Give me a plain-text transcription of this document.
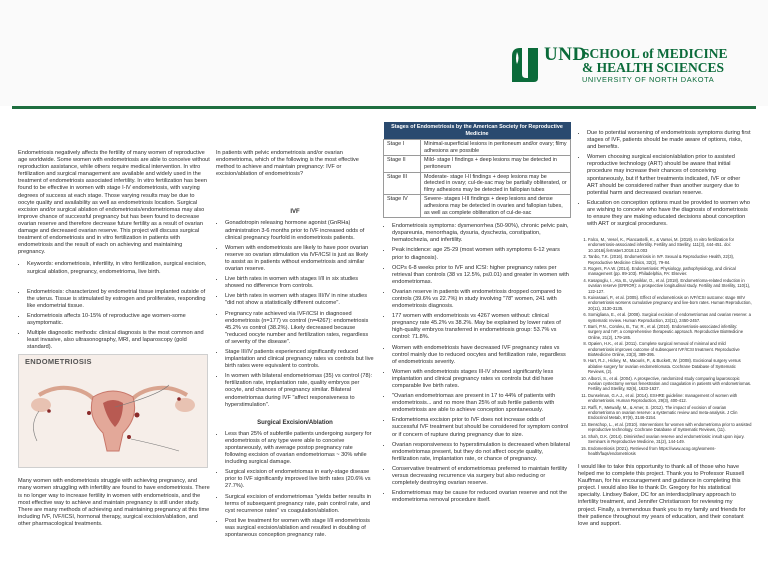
UND
SCHOOL of MEDICINE
& HEALTH SCIENCES
UNIVERSITY OF NORTH DAKOTA

Endometriosis negatively affects the fertility of many women of reproductive age worldwide. Some women with endometriosis are able to conceive without reproduction assistance, while others require medical intervention. In vitro fertilization and surgical management are available and widely used in the treatment of endometriosis associated infertility. In vitro fertilization has been found to be effective in women with stage I-IV endometriosis, with varying degrees of success at each stage. Those varying results may be due to oocyte quality and availability as well as endometriosis location. Surgical excision and/or surgical ablation of endometriosis/endometriomas may also improve chance of successful pregnancy but has been found to decrease ovarian reserve and therefore decrease future fertility as a result of ovarian damage and decreased ovarian reserve. This project will discuss surgical treatment of endometriosis and in vitro fertilization in patients with endometriosis and the result of each on achieving and maintaining pregnancy.

• Keywords: endometriosis, infertility, in vitro fertilization, surgical excision, surgical ablation, pregnancy, endometrioma, live birth.
• Endometriosis: characterized by endometrial tissue implanted outside of the uterus. Tissue is stimulated by estrogen and proliferates, responding like endometrial tissue.
• Endometriosis affects 10-15% of reproductive age women-some asymptomatic.
• Multiple diagnostic methods: clinical diagnosis is the most common and least invasive, also ultrasonography, MRI, and laparoscopy (gold standard).
ENDOMETRIOSIS

Many women with endometriosis struggle with achieving pregnancy, and many women struggling with infertility are found to have endometriosis. There is no longer way to increase fertility in women with endometriosis, and the most effective way to achieve and maintain pregnancy is still under study. There are many methods of achieving and maintaining pregnancy at this time including IVF, IVF/ICSI, hormonal therapy, surgical excision/ablation, and other pharmacological treatments.

In patients with pelvic endometriosis and/or ovarian endometrioma, which of the following is the most effective method to achieve and maintain pregnancy: IVF or excision/ablation of endometriosis?

IVF
• Gonadotropin releasing hormone agonist (GnRHa) administration 3-6 months prior to IVF increased odds of clinical pregnancy fourfold in endometriosis patients.
• Women with endometriosis are likely to have poor ovarian reserve so ovarian stimulation via IVF/ICSI is just as likely to assist as in patients without endometriosis and similar ovarian reserve.
• Live birth rates in women with stages I/II in six studies showed no difference from controls.
• Live birth rates in women with stages III/IV in nine studies "did not show a statistically different outcome".
• Pregnancy rate achieved via IVF/ICSI in diagnosed endometriosis (n=177) vs control (n=4267): endometriosis 45.2% vs control (38.2%). Likely decreased because "reduced oocyte number and fertilization rates, regardless of severity of the disease".
• Stage III/IV patients experienced significantly reduced implantation and clinical pregnancy rates vs controls but live birth rates were equivalent to controls.
• In women with bilateral endometriomas (35) vs control (78): fertilization rate, implantation rate, quality embryos per oocyte, and chances of pregnancy similar. Bilateral endometriomas during IVF "affect responsiveness to hyperstimulation".
Surgical Excision/Ablation
• Less than 25% of subfertile patients undergoing surgery for endometriosis of any type were able to conceive spontaneously, with average postop pregnancy rate following excision of ovarian endometriomas ~ 30% while including surgical damage.
• Surgical excision of endometriomas in early-stage disease prior to IVF significantly improved live birth rates (20.6% vs 27.7%).
• Surgical excision of endometriomas "yields better results in terms of subsequent pregnancy rate, pain control rate, and cyst recurrence rates" vs coagulation/ablation.
• Post live treatment for women with stage I/II endometriosis was surgical excision/ablation and resulted in doubling of spontaneous conception pregnancy rate.
Stages of Endometriosis by the American Society for Reproductive Medicine	
Stage I	Minimal-superficial lesions in peritoneum and/or ovary; filmy adhesions are possible
Stage II	Mild- stage I findings + deep lesions may be detected in peritoneum
Stage III	Moderate- stage I-II findings + deep lesions may be detected in ovary; cul-de-sac may be partially obliterated, or filmy adhesions may be detected in fallopian tubes
Stage IV	Severe- stages I-III findings + deep lesions and dense adhesions may be detected in ovaries and fallopian tubes, as well as complete obliteration of cul-de-sac
• Endometriosis symptoms: dysmenorrhea (50-90%), chronic pelvic pain, dyspareunia, menorrhagia, dysuria, dyschezia, constipation, hematochezia, and infertility.
• Peak incidence: age 25-29 (most women with symptoms 6-12 years prior to diagnosis).
• OCPs 6-8 weeks prior to IVF and ICSI: higher pregnancy rates per retrieval than controls (38 vs 12.5%, p≤0.01) and greater in women with endometriomas.
• Ovarian reserve in patients with endometriosis dropped compared to controls (39.6% vs 22.7%) in study involving "78" women, 241 with endometriosis diagnosis.
• 177 women with endometriosis vs 4267 women without: clinical pregnancy rate 45.2% vs 38.2%. May be explained by lower rates of high-quality embryos transferred in endometriosis group: 53.7% vs control: 71.8%.
• Women with endometriosis have decreased IVF pregnancy rates vs control mainly due to reduced oocytes and fertilization rate, regardless of endometriosis severity.
• Women with endometriosis stages III-IV showed significantly less implantation and clinical pregnancy rates vs controls but did have comparable live birth rates.
• "Ovarian endometriomas are present in 17 to 44% of patients with endometriosis... and no more than 25% of sub fertile patients with endometriosis are able to achieve conception spontaneously.
• Endometrioma excision prior to IVF does not increase odds of successful IVF treatment but should be considered for symptom control or if concern of rupture during pregnancy due to size.
• Ovarian responsiveness to hyperstimulation is decreased when bilateral endometriomas present, but they do not affect oocyte quality, fertilization rate, implantation rate, or chance of pregnancy.
• Conservative treatment of endometriomas preferred to maintain fertility versus decreasing recurrence via surgery but also reducing or completely destroying ovarian reserve.
• Endometriomas may be cause for reduced ovarian reserve and not the endometrioma removal procedure itself.
• Due to potential worsening of endometriosis symptoms during first stages of IVF, patients should be made aware of options, risks, and benefits.
• Women choosing surgical excision/ablation prior to assisted reproductive technology (ART) should be aware that initial procedure may increase their chances of conceiving spontaneously, but if further treatments indicated, IVF or other ART should be considered rather than another surgery due to potential harm and decreased ovarian reserve.
• Education on conception options must be provided to women who are wishing to conceive who have the diagnosis of endometriosis to ensure they are making educated decisions about conception with ART or surgical procedures.
1. Falco, M., Vesel, K., Piancastelli, K., & Varsei, M. (2019). In vitro fertilization for endometriosis-associated infertility. Fertility and Sterility, 111(3), 444-451. doi: 10.1016/j.fertnstert.2018.12.003
2. Tanbo, T.K. (2016). Endometriosis in IVF. Sexual & Reproductive Health, 22(3), Reproductive Medicine Clinics, 32(2), 79-84.
3. Rogers, P.A.W. (2014). Endometriosis: Physiology, pathophysiology, and clinical management (pp. 89-103). Philadelphia, PA: Elsevier.
4. Kasapoglu, I., Ata, B., Uyaniklar, O., et al. (2018). Endometrioma-related reduction in ovarian reserve (ERROR): a prospective longitudinal study. Fertility and Sterility, 110(1), 122-127.
5. Kuivasaari, P., et al. (2005). Effect of endometriosis on IVF/ICSI outcome: stage III/IV endometriosis worsens cumulative pregnancy and live-born rates. Human Reproduction, 20(11), 3130-3135.
6. Somigliana, E., et al. (2008). Surgical excision of endometriomas and ovarian reserve: a systematic review. Human Reproduction, 23(11), 2450-2457.
7. Barri, P.N., Coroleu, B., Tur, R., et al. (2010). Endometriosis-associated infertility: surgery and IVF, a comprehensive therapeutic approach. Reproductive BioMedicine Online, 21(2), 179-185.
8. Opøien, H.K., et al. (2011). Complete surgical removal of minimal and mild endometriosis improves outcome of subsequent IVF/ICSI treatment. Reproductive BioMedicine Online, 23(3), 389-395.
9. Hart, R.J., Hickey, M., Maouris, P., & Buckett, W. (2008). Excisional surgery versus ablative surgery for ovarian endometriomata. Cochrane Database of Systematic Reviews, (2).
10. Alborzi, S., et al. (2004). A prospective, randomized study comparing laparoscopic ovarian cystectomy versus fenestration and coagulation in patients with endometriomas. Fertility and Sterility, 82(6), 1633-1637.
11. Dunselman, G.A.J., et al. (2014). ESHRE guideline: management of women with endometriosis. Human Reproduction, 29(3), 400-412.
12. Raffi, F., Metwally, M., & Amer, S. (2012). The impact of excision of ovarian endometrioma on ovarian reserve: a systematic review and meta-analysis. J Clin Endocrinol Metab, 97(9), 3146-3154.
13. Benschop, L., et al. (2010). Interventions for women with endometrioma prior to assisted reproductive technology. Cochrane Database of Systematic Reviews, (11).
14. Shah, D.K. (2014). Diminished ovarian reserve and endometriosis: insult upon injury. Seminars in Reproductive Medicine, 31(2), 144-149.
15. Endometriosis (2021). Retrieved from https://www.acog.org/womens-health/faqs/endometriosis

I would like to take this opportunity to thank all of those who have helped me to complete this project. Thank you to Professor Russell Kauffman, for his encouragement and guidance in completing this project. I would also like to thank Dr. Gregory for his statistical specialty. Lindsey Baker, DC for an interdisciplinary approach to infertility treatment, and Jennifer Christianson for reviewing my project. Finally, a tremendous thank you to my family and friends for their patience throughout my years of education, and their constant love and support.
